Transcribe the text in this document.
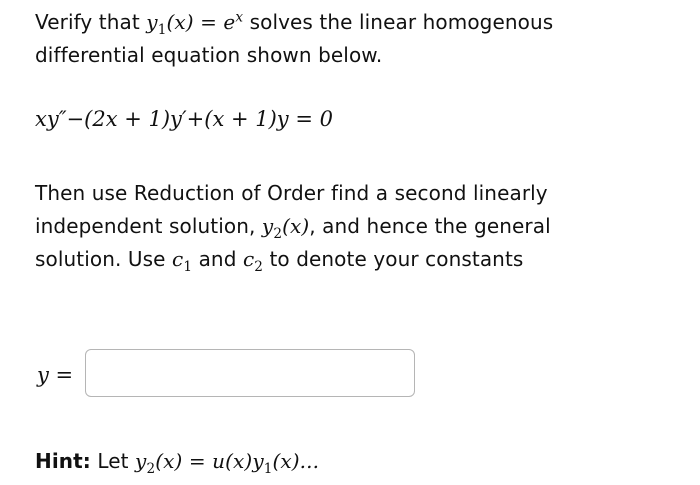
Verify that $y_1(x) = e^x$ solves the linear homogenous
differential equation shown below.
xy″−(2x + 1)y′+(x + 1)y = 0
Then use Reduction of Order find a second linearly
independent solution, $y_2(x)$, and hence the general
solution. Use $c_1$ and $c_2$ to denote your constants
y =
Hint: Let $y_2(x) = u(x)y_1(x)$...
